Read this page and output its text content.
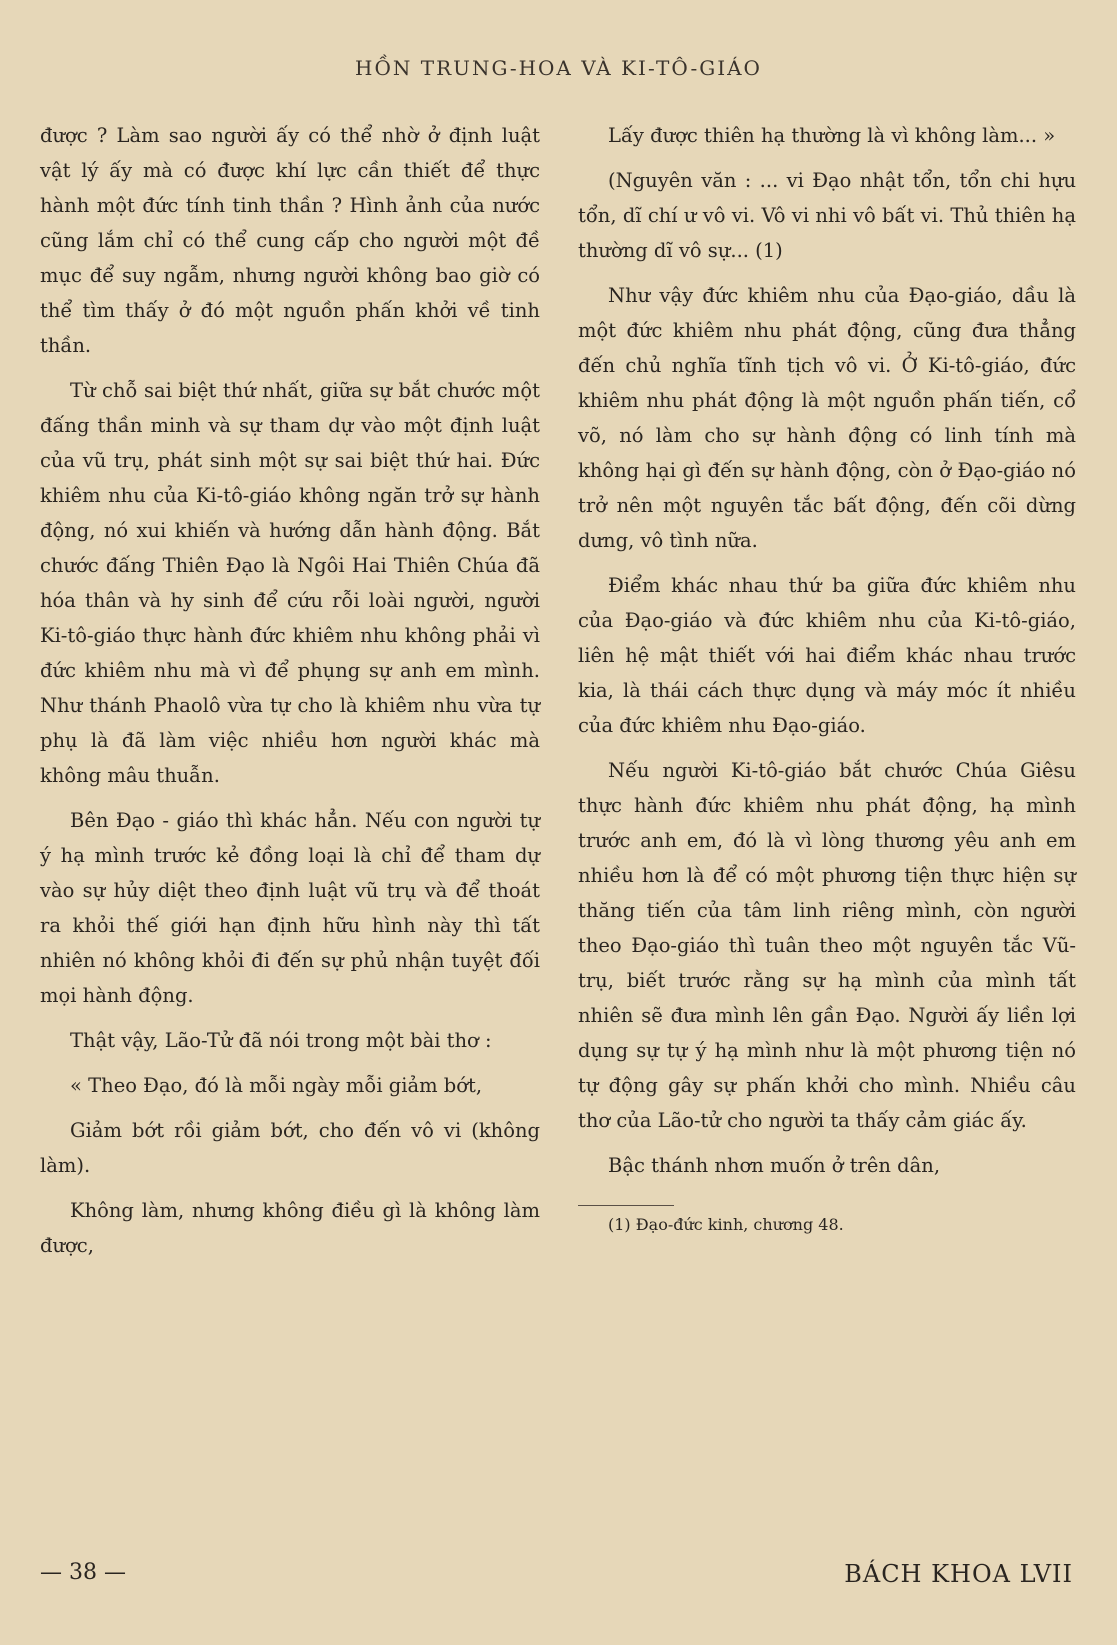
HỒN TRUNG-HOA VÀ KI-TÔ-GIÁO

được ? Làm sao người ấy có thể nhờ ở định luật vật lý ấy mà có được khí lực cần thiết để thực hành một đức tính tinh thần ? Hình ảnh của nước cũng lắm chỉ có thể cung cấp cho người một đề mục để suy ngẫm, nhưng người không bao giờ có thể tìm thấy ở đó một nguồn phấn khởi về tinh thần.

Từ chỗ sai biệt thứ nhất, giữa sự bắt chước một đấng thần minh và sự tham dự vào một định luật của vũ trụ, phát sinh một sự sai biệt thứ hai. Đức khiêm nhu của Ki-tô-giáo không ngăn trở sự hành động, nó xui khiến và hướng dẫn hành động. Bắt chước đấng Thiên Đạo là Ngôi Hai Thiên Chúa đã hóa thân và hy sinh để cứu rỗi loài người, người Ki-tô-giáo thực hành đức khiêm nhu không phải vì đức khiêm nhu mà vì để phụng sự anh em mình. Như thánh Phaolô vừa tự cho là khiêm nhu vừa tự phụ là đã làm việc nhiều hơn người khác mà không mâu thuẫn.

Bên Đạo - giáo thì khác hẳn. Nếu con người tự ý hạ mình trước kẻ đồng loại là chỉ để tham dự vào sự hủy diệt theo định luật vũ trụ và để thoát ra khỏi thế giới hạn định hữu hình này thì tất nhiên nó không khỏi đi đến sự phủ nhận tuyệt đối mọi hành động.

Thật vậy, Lão-Tử đã nói trong một bài thơ :

« Theo Đạo, đó là mỗi ngày mỗi giảm bớt,

Giảm bớt rồi giảm bớt, cho đến vô vi (không làm).

Không làm, nhưng không điều gì là không làm được,

Lấy được thiên hạ thường là vì không làm... »

(Nguyên văn : ... vi Đạo nhật tổn, tổn chi hựu tổn, dĩ chí ư vô vi. Vô vi nhi vô bất vi. Thủ thiên hạ thường dĩ vô sự... (1)

Như vậy đức khiêm nhu của Đạo-giáo, dầu là một đức khiêm nhu phát động, cũng đưa thẳng đến chủ nghĩa tĩnh tịch vô vi. Ở Ki-tô-giáo, đức khiêm nhu phát động là một nguồn phấn tiến, cổ võ, nó làm cho sự hành động có linh tính mà không hại gì đến sự hành động, còn ở Đạo-giáo nó trở nên một nguyên tắc bất động, đến cõi dừng dưng, vô tình nữa.

Điểm khác nhau thứ ba giữa đức khiêm nhu của Đạo-giáo và đức khiêm nhu của Ki-tô-giáo, liên hệ mật thiết với hai điểm khác nhau trước kia, là thái cách thực dụng và máy móc ít nhiều của đức khiêm nhu Đạo-giáo.

Nếu người Ki-tô-giáo bắt chước Chúa Giêsu thực hành đức khiêm nhu phát động, hạ mình trước anh em, đó là vì lòng thương yêu anh em nhiều hơn là để có một phương tiện thực hiện sự thăng tiến của tâm linh riêng mình, còn người theo Đạo-giáo thì tuân theo một nguyên tắc Vũ-trụ, biết trước rằng sự hạ mình của mình tất nhiên sẽ đưa mình lên gần Đạo. Người ấy liền lợi dụng sự tự ý hạ mình như là một phương tiện nó tự động gây sự phấn khởi cho mình. Nhiều câu thơ của Lão-tử cho người ta thấy cảm giác ấy.

Bậc thánh nhơn muốn ở trên dân,

(1) Đạo-đức kinh, chương 48.

— 38 —	BÁCH KHOA LVII
